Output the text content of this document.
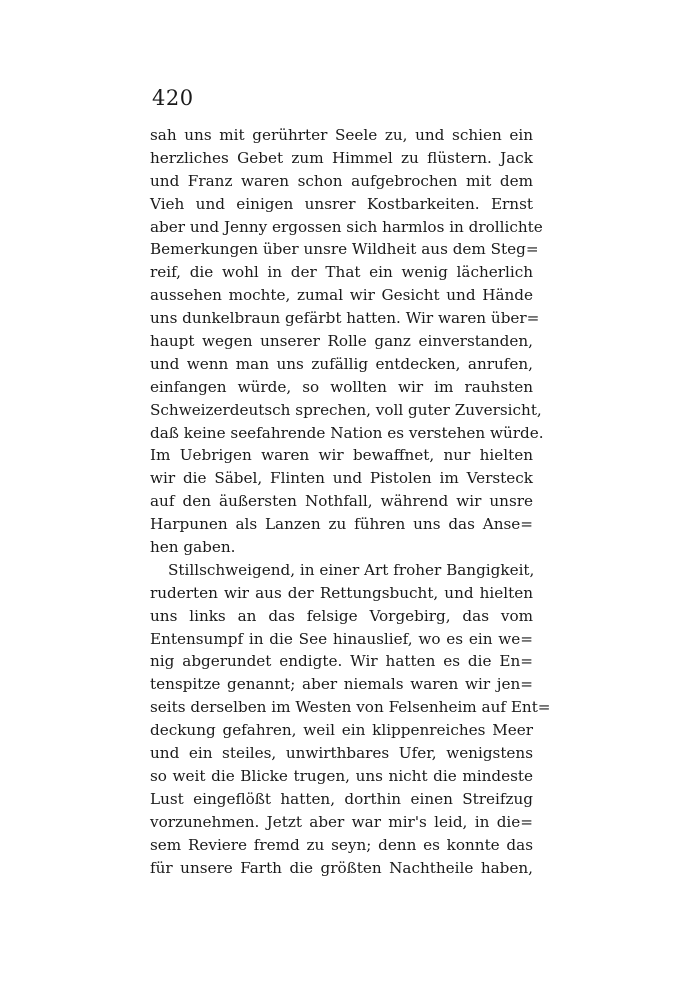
420
sah uns mit gerührter Seele zu, und schien ein
herzliches Gebet zum Himmel zu flüstern. Jack
und Franz waren schon aufgebrochen mit dem
Vieh und einigen unsrer Kostbarkeiten. Ernst
aber und Jenny ergossen sich harmlos in drollichte
Bemerkungen über unsre Wildheit aus dem Steg=
reif, die wohl in der That ein wenig lächerlich
aussehen mochte, zumal wir Gesicht und Hände
uns dunkelbraun gefärbt hatten. Wir waren über=
haupt wegen unserer Rolle ganz einverstanden,
und wenn man uns zufällig entdecken, anrufen,
einfangen würde, so wollten wir im rauhsten
Schweizerdeutsch sprechen, voll guter Zuversicht,
daß keine seefahrende Nation es verstehen würde.
Im Uebrigen waren wir bewaffnet, nur hielten
wir die Säbel, Flinten und Pistolen im Versteck
auf den äußersten Nothfall, während wir unsre
Harpunen als Lanzen zu führen uns das Anse=
hen gaben.
Stillschweigend, in einer Art froher Bangigkeit,
ruderten wir aus der Rettungsbucht, und hielten
uns links an das felsige Vorgebirg, das vom
Entensumpf in die See hinauslief, wo es ein we=
nig abgerundet endigte. Wir hatten es die En=
tenspitze genannt; aber niemals waren wir jen=
seits derselben im Westen von Felsenheim auf Ent=
deckung gefahren, weil ein klippenreiches Meer
und ein steiles, unwirthbares Ufer, wenigstens
so weit die Blicke trugen, uns nicht die mindeste
Lust eingeflößt hatten, dorthin einen Streifzug
vorzunehmen. Jetzt aber war mir's leid, in die=
sem Reviere fremd zu seyn; denn es konnte das
für unsere Farth die größten Nachtheile haben,
